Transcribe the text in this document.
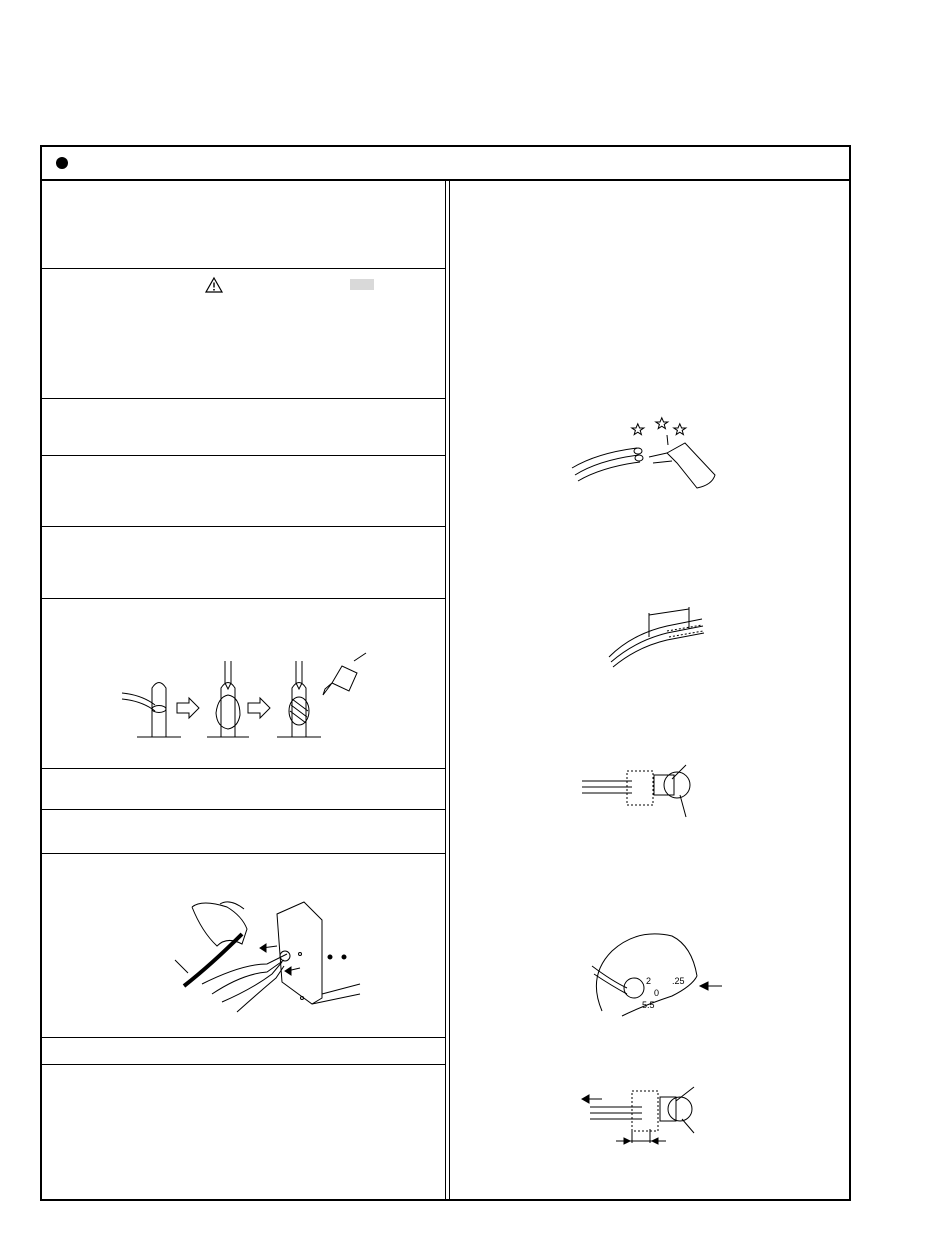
2 .25
0
5.5
